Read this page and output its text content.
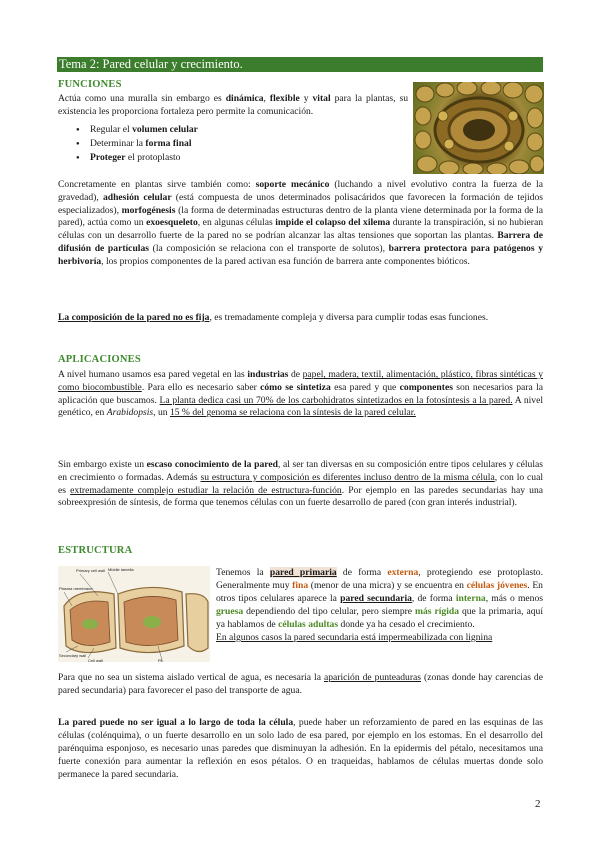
Tema 2: Pared celular y crecimiento.
FUNCIONES
Actúa como una muralla sin embargo es dinámica, flexible y vital para la plantas, su existencia les proporciona fortaleza pero permite la comunicación.
● Regular el volumen celular
● Determinar la forma final
● Proteger el protoplasto
Concretamente en plantas sirve también como: soporte mecánico (luchando a nivel evolutivo contra la fuerza de la gravedad), adhesión celular (está compuesta de unos determinados polisacáridos que favorecen la formación de tejidos especializados), morfogénesis (la forma de determinadas estructuras dentro de la planta viene determinada por la forma de la pared), actúa como un exoesqueleto, en algunas células impide el colapso del xilema durante la transpiración, si no hubieran células con un desarrollo fuerte de la pared no se podrían alcanzar las altas tensiones que soportan las plantas. Barrera de difusión de partículas (la composición se relaciona con el transporte de solutos), barrera protectora para patógenos y herbivoría, los propios componentes de la pared activan esa función de barrera ante componentes bióticos.
La composición de la pared no es fija, es tremadamente compleja y diversa para cumplir todas esas funciones.
APLICACIONES
A nivel humano usamos esa pared vegetal en las industrias de papel, madera, textil, alimentación, plástico, fibras sintéticas y como biocombustible. Para ello es necesario saber cómo se sintetiza esa pared y que componentes son necesarios para la aplicación que buscamos. La planta dedica casi un 70% de los carbohidratos sintetizados en la fotosíntesis a la pared. A nivel genético, en Arabidopsis, un 15 % del genoma se relaciona con la síntesis de la pared celular.
Sin embargo existe un escaso conocimiento de la pared, al ser tan diversas en su composición entre tipos celulares y células en crecimiento o formadas. Además su estructura y composición es diferentes incluso dentro de la misma célula, con lo cual es extremadamente complejo estudiar la relación de estructura-función. Por ejemplo en las paredes secundarias hay una sobreexpresión de síntesis, de forma que tenemos células con un fuerte desarrollo de pared (con gran interés industrial).
ESTRUCTURA
Primary cell wall Middle lamella
Plasma membrane
Secondary wall
Cell wall	Pit
Tenemos la pared primaria de forma externa, protegiendo ese protoplasto. Generalmente muy fina (menor de una micra) y se encuentra en células jóvenes. En otros tipos celulares aparece la pared secundaria, de forma interna, más o menos gruesa dependiendo del tipo celular, pero siempre más rígida que la primaria, aquí ya hablamos de células adultas donde ya ha cesado el crecimiento.
En algunos casos la pared secundaria está impermeabilizada con lignina
Para que no sea un sistema aislado vertical de agua, es necesaria la aparición de punteaduras (zonas donde hay carencias de pared secundaria) para favorecer el paso del transporte de agua.
La pared puede no ser igual a lo largo de toda la célula, puede haber un reforzamiento de pared en las esquinas de las células (colénquima), o un fuerte desarrollo en un solo lado de esa pared, por ejemplo en los estomas. En el desarrollo del parénquima esponjoso, es necesario unas paredes que disminuyan la adhesión. En la epidermis del pétalo, necesitamos una fuerte conexión para aumentar la reflexión en esos pétalos. O en traqueidas, hablamos de células muertas donde solo permanece la pared secundaria.
2
